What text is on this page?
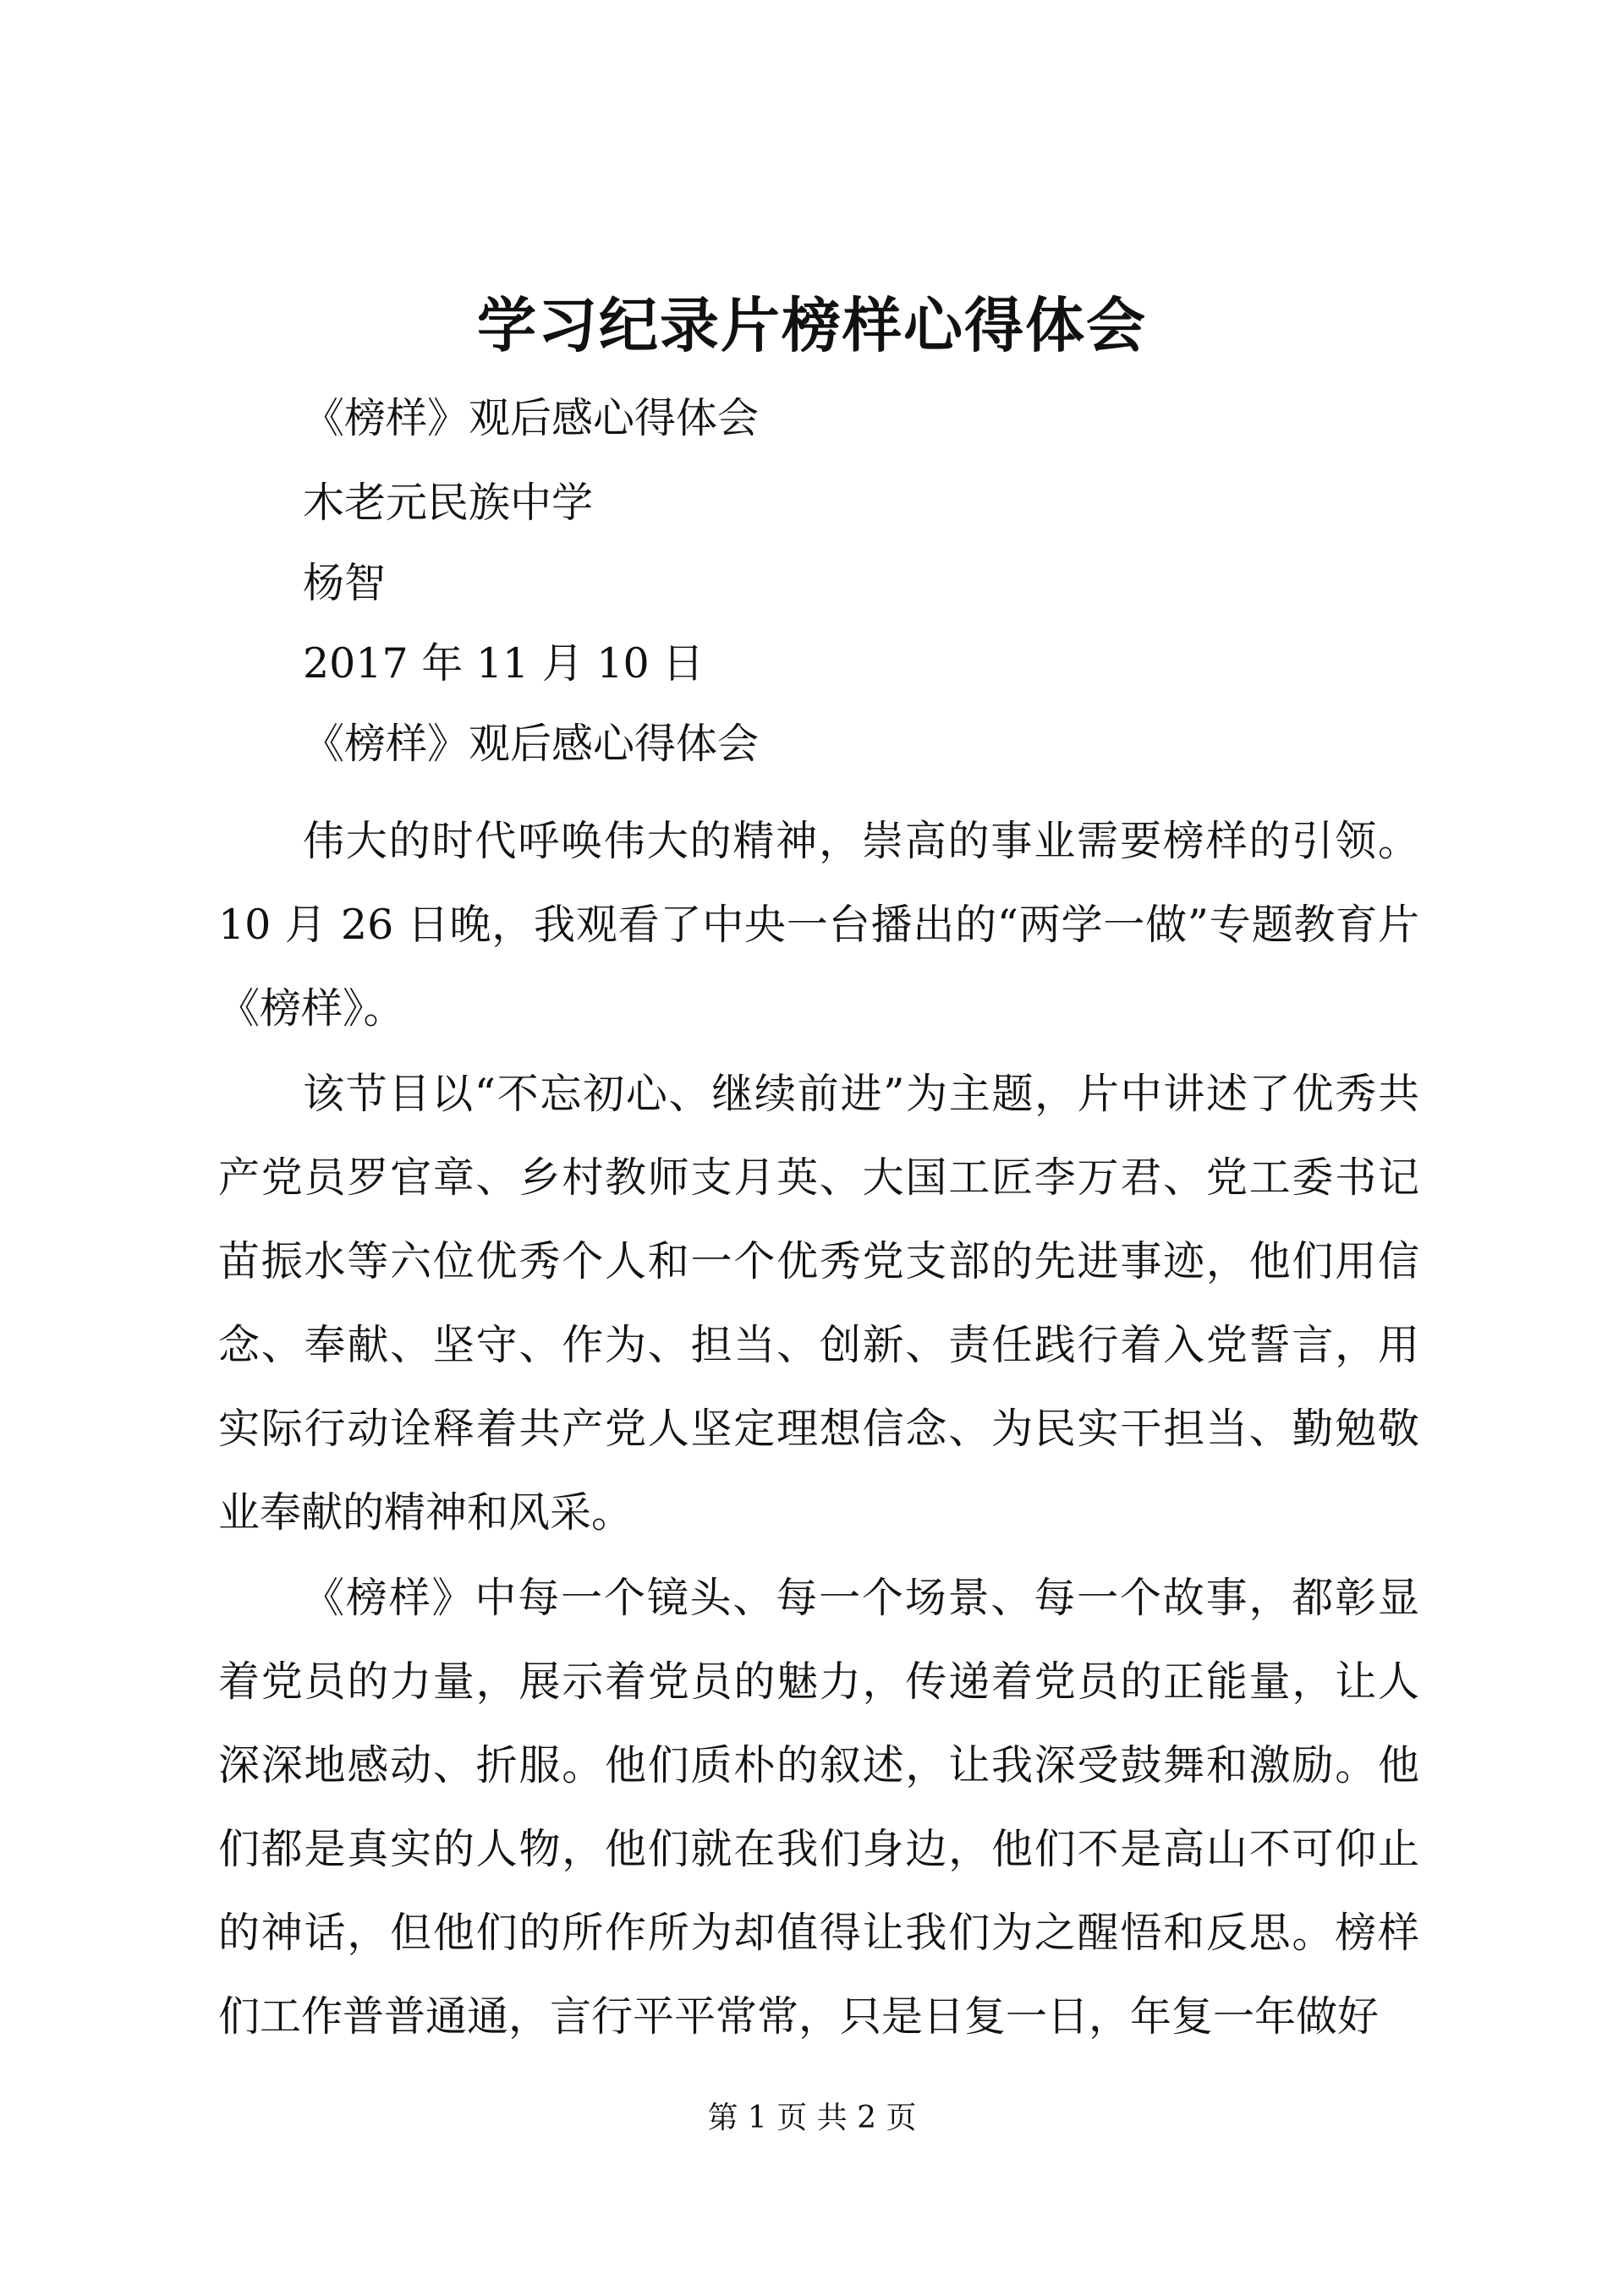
学习纪录片榜样心得体会
《榜样》观后感心得体会
木老元民族中学
杨智
2017 年 11 月 10 日
《榜样》观后感心得体会

伟大的时代呼唤伟大的精神，崇高的事业需要榜样的引领。10 月 26 日晚，我观看了中央一台播出的“两学一做”专题教育片《榜样》。

该节目以“不忘初心、继续前进”为主题，片中讲述了优秀共产党员罗官章、乡村教师支月英、大国工匠李万君、党工委书记苗振水等六位优秀个人和一个优秀党支部的先进事迹，他们用信念、奉献、坚守、作为、担当、创新、责任践行着入党誓言，用实际行动诠释着共产党人坚定理想信念、为民实干担当、勤勉敬业奉献的精神和风采。

《榜样》中每一个镜头、每一个场景、每一个故事，都彰显着党员的力量，展示着党员的魅力，传递着党员的正能量，让人深深地感动、折服。他们质朴的叙述，让我深受鼓舞和激励。他们都是真实的人物，他们就在我们身边，他们不是高山不可仰止的神话，但他们的所作所为却值得让我们为之醒悟和反思。榜样们工作普普通通，言行平平常常，只是日复一日，年复一年做好

第 1 页 共 2 页
